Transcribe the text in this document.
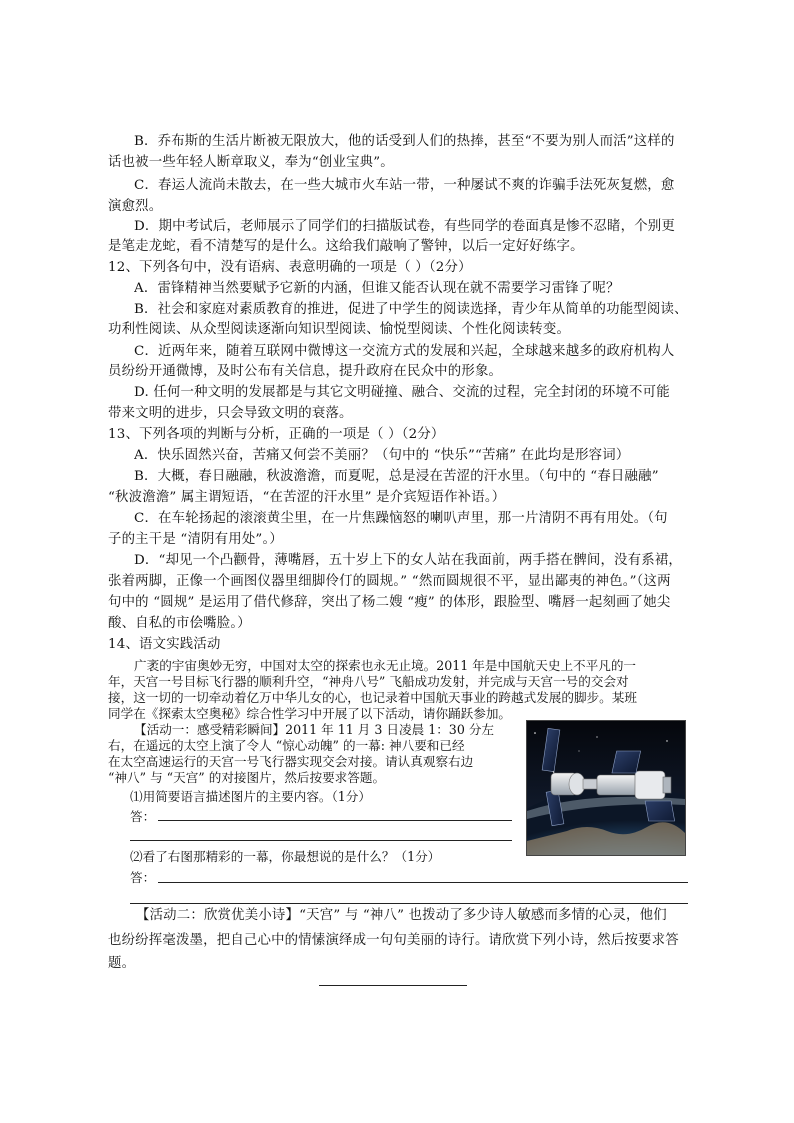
B．乔布斯的生活片断被无限放大，他的话受到人们的热捧，甚至“不要为别人而活”这样的
话也被一些年轻人断章取义，奉为“创业宝典”。
C．春运人流尚未散去，在一些大城市火车站一带，一种屡试不爽的诈骗手法死灰复燃，愈
演愈烈。
D．期中考试后，老师展示了同学们的扫描版试卷，有些同学的卷面真是惨不忍睹，个别更
是笔走龙蛇，看不清楚写的是什么。这给我们敲响了警钟，以后一定好好练字。
12、下列各句中，没有语病、表意明确的一项是（ ）（2分）
A．雷锋精神当然要赋予它新的内涵，但谁又能否认现在就不需要学习雷锋了呢？
B．社会和家庭对素质教育的推进，促进了中学生的阅读选择，青少年从简单的功能型阅读、
功利性阅读、从众型阅读逐渐向知识型阅读、愉悦型阅读、个性化阅读转变。
C．近两年来，随着互联网中微博这一交流方式的发展和兴起，全球越来越多的政府机构人
员纷纷开通微博，及时公布有关信息，提升政府在民众中的形象。
D. 任何一种文明的发展都是与其它文明碰撞、融合、交流的过程，完全封闭的环境不可能
带来文明的进步，只会导致文明的衰落。
13、下列各项的判断与分析，正确的一项是（ ）（2分）
A．快乐固然兴奋，苦痛又何尝不美丽？（句中的 “快乐”“苦痛” 在此均是形容词）
B．大概，春日融融，秋波澹澹，而夏呢，总是浸在苦涩的汗水里。（句中的 “春日融融”
“秋波澹澹” 属主谓短语，“在苦涩的汗水里” 是介宾短语作补语。）
C．在车轮扬起的滚滚黄尘里，在一片焦躁恼怒的喇叭声里，那一片清阴不再有用处。（句
子的主干是 “清阴有用处”。）
D．“却见一个凸颧骨，薄嘴唇，五十岁上下的女人站在我面前，两手搭在髀间，没有系裙，
张着两脚，正像一个画图仪器里细脚伶仃的圆规。” “然而圆规很不平，显出鄙夷的神色。”（这两
句中的 “圆规” 是运用了借代修辞，突出了杨二嫂 “瘦” 的体形，跟脸型、嘴唇一起刻画了她尖
酸、自私的市侩嘴脸。）
14、语文实践活动
广袤的宇宙奥妙无穷，中国对太空的探索也永无止境。2011 年是中国航天史上不平凡的一
年，天宫一号目标飞行器的顺利升空，“神舟八号” 飞船成功发射，并完成与天宫一号的交会对
接，这一切的一切牵动着亿万中华儿女的心，也记录着中国航天事业的跨越式发展的脚步。某班
同学在《探索太空奥秘》综合性学习中开展了以下活动，请你踊跃参加。
【活动一：感受精彩瞬间】2011 年 11 月 3 日凌晨 1：30 分左
右，在遥远的太空上演了令人 “惊心动魄” 的一幕: 神八要和已经
在太空高速运行的天宫一号飞行器实现交会对接。请认真观察右边
“神八” 与 “天宫” 的对接图片，然后按要求答题。
⑴用简要语言描述图片的主要内容。（1分）
答：
⑵看了右图那精彩的一幕，你最想说的是什么？（1分）
答：
【活动二：欣赏优美小诗】“天宫” 与 “神八” 也拨动了多少诗人敏感而多情的心灵，他们
也纷纷挥毫泼墨，把自己心中的情愫演绎成一句句美丽的诗行。请欣赏下列小诗，然后按要求答
题。
